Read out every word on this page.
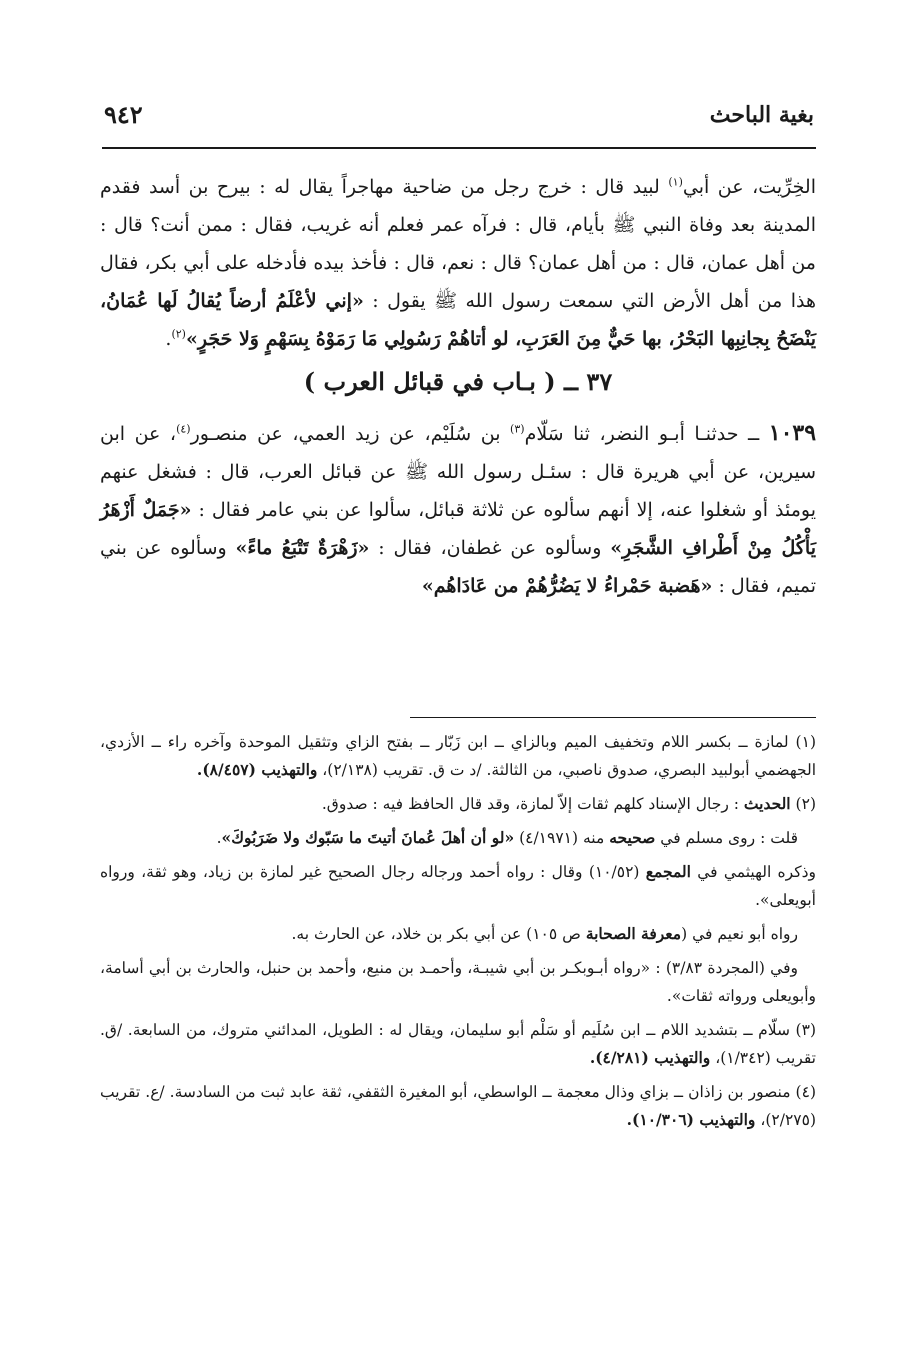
بغية الباحث
٩٤٢

الخِرِّيت، عن أبي$^{(١)}$ لبيد قال : خرج رجل من ضاحية مهاجراً يقال له : بيرح بن أسد فقدم المدينة بعد وفاة النبي ﷺ بأيام، قال : فرآه عمر فعلم أنه غريب، فقال : ممن أنت؟ قال : من أهل عمان، قال : من أهل عمان؟ قال : نعم، قال : فأخذ بيده فأدخله على أبي بكر، فقال هذا من أهل الأرض التي سمعت رسول الله ﷺ يقول : «إني لأعْلَمُ أرضاً يُقالُ لَها عُمَانُ، يَنْضَحُ بِجانِبِها البَحْرُ، بها حَيٌّ مِنَ العَرَبِ، لو أتاهُمْ رَسُولِي مَا رَمَوْهُ بِسَهْمٍ وَلا حَجَرٍ»$^{(٢)}$.

٣٧ ــ ( بـاب في قبائل العرب )

١٠٣٩ ــ حدثنـا أبـو النضر، ثنا سَلّام$^{(٣)}$ بن سُلَيْم، عن زيد العمي، عن منصـور$^{(٤)}$، عن ابن سيرين، عن أبي هريرة قال : سئـل رسول الله ﷺ عن قبائل العرب، قال : فشغل عنهم يومئذ أو شغلوا عنه، إلا أنهم سألوه عن ثلاثة قبائل، سألوا عن بني عامر فقال : «جَمَلٌ أَزْهَرُ يَأْكُلُ مِنْ أَطْرافِ الشَّجَرِ» وسألوه عن غطفان، فقال : «زَهْرَةٌ تَتْبَعُ ماءً» وسألوه عن بني تميم، فقال : «هَضبة حَمْراءُ لا يَضُرُّهُمْ من عَادَاهُم»

(١) لمازة ــ بكسر اللام وتخفيف الميم وبالزاي ــ ابن زَبّار ــ بفتح الزاي وتثقيل الموحدة وآخره راء ــ الأزدي، الجهضمي أبولبيد البصري، صدوق ناصبي، من الثالثة. /د ت ق. تقريب (٢/١٣٨)، والتهذيب (٨/٤٥٧).

(٢) الحديث : رجال الإسناد كلهم ثقات إلاّ لمازة، وقد قال الحافظ فيه : صدوق.

قلت : روى مسلم في صحيحه منه (٤/١٩٧١) «لو أن أهلَ عُمانَ أتيتَ ما سَبّوك ولا ضَرَبُوكَ».

وذكره الهيثمي في المجمع (١٠/٥٢) وقال : رواه أحمد ورجاله رجال الصحيح غير لمازة بن زياد، وهو ثقة، ورواه أبويعلى».

رواه أبو نعيم في (معرفة الصحابة ص ١٠٥) عن أبي بكر بن خلاد، عن الحارث به.

وفي (المجردة ٣/٨٣) : «رواه أبـوبكـر بن أبي شيبـة، وأحمـد بن منيع، وأحمد بن حنبل، والحارث بن أبي أسامة، وأبويعلى ورواته ثقات».

(٣) سلّام ــ بتشديد اللام ــ ابن سُلَيم أو سَلْم أبو سليمان، ويقال له : الطويل، المدائني متروك، من السابعة. /ق. تقريب (١/٣٤٢)، والتهذيب (٤/٢٨١).

(٤) منصور بن زاذان ــ بزاي وذال معجمة ــ الواسطي، أبو المغيرة الثقفي، ثقة عابد ثبت من السادسة. /ع. تقريب (٢/٢٧٥)، والتهذيب (١٠/٣٠٦).
